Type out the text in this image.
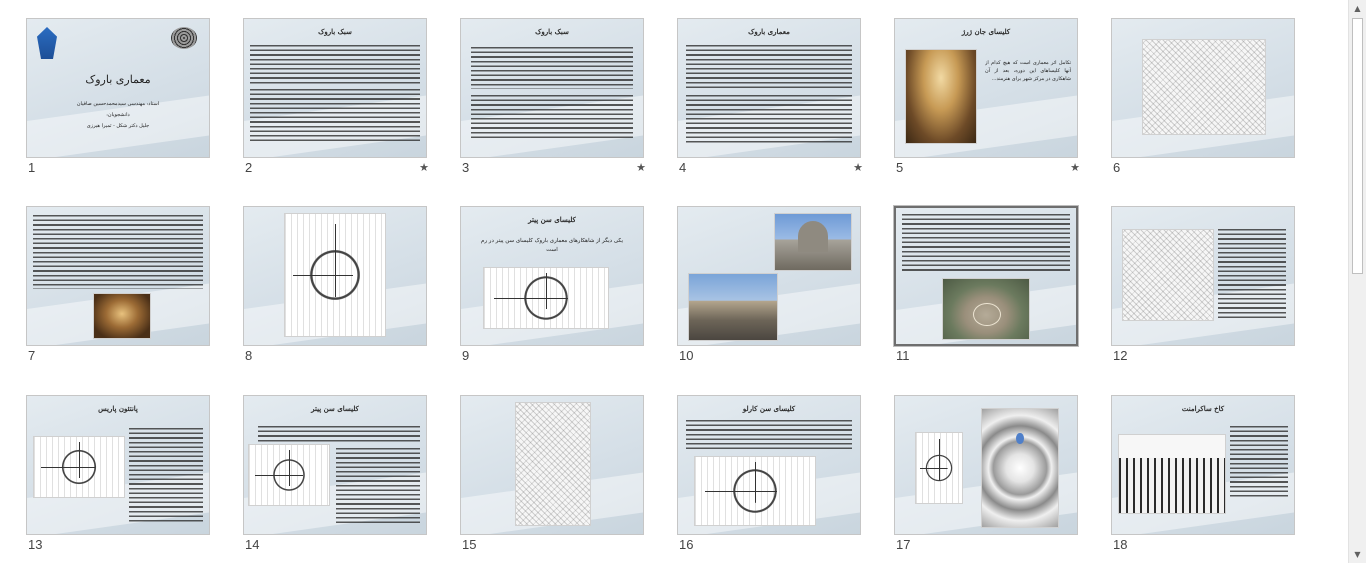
معماری باروک
استاد: مهندسی سیدمحمدحسین صافیان
دانشجویان:
جلیل دکتر شکل - ثمیرا هیرزی
1
سبک باروک
2	★
سبک باروک
3	★
معماری باروک
4	★
کلیسای جان ژرژ
تکامل اثر معماری است که هیچ کدام از آنها کلیساهای این دوره، بعد از آن شاهکاری در مرکز شهر برای هنرمند...
5	★	6
7	8
کلیسای سن پیتر
یکی دیگر از شاهکارهای معماری باروک کلیسای سن پیتر در رم است
9	10	11	12
پانتئون پاریس
13
کلیسای سن پیتر
14	15
کلیسای سن کارلو
16	17
کاخ ساکرامنت
18
▲
▼
